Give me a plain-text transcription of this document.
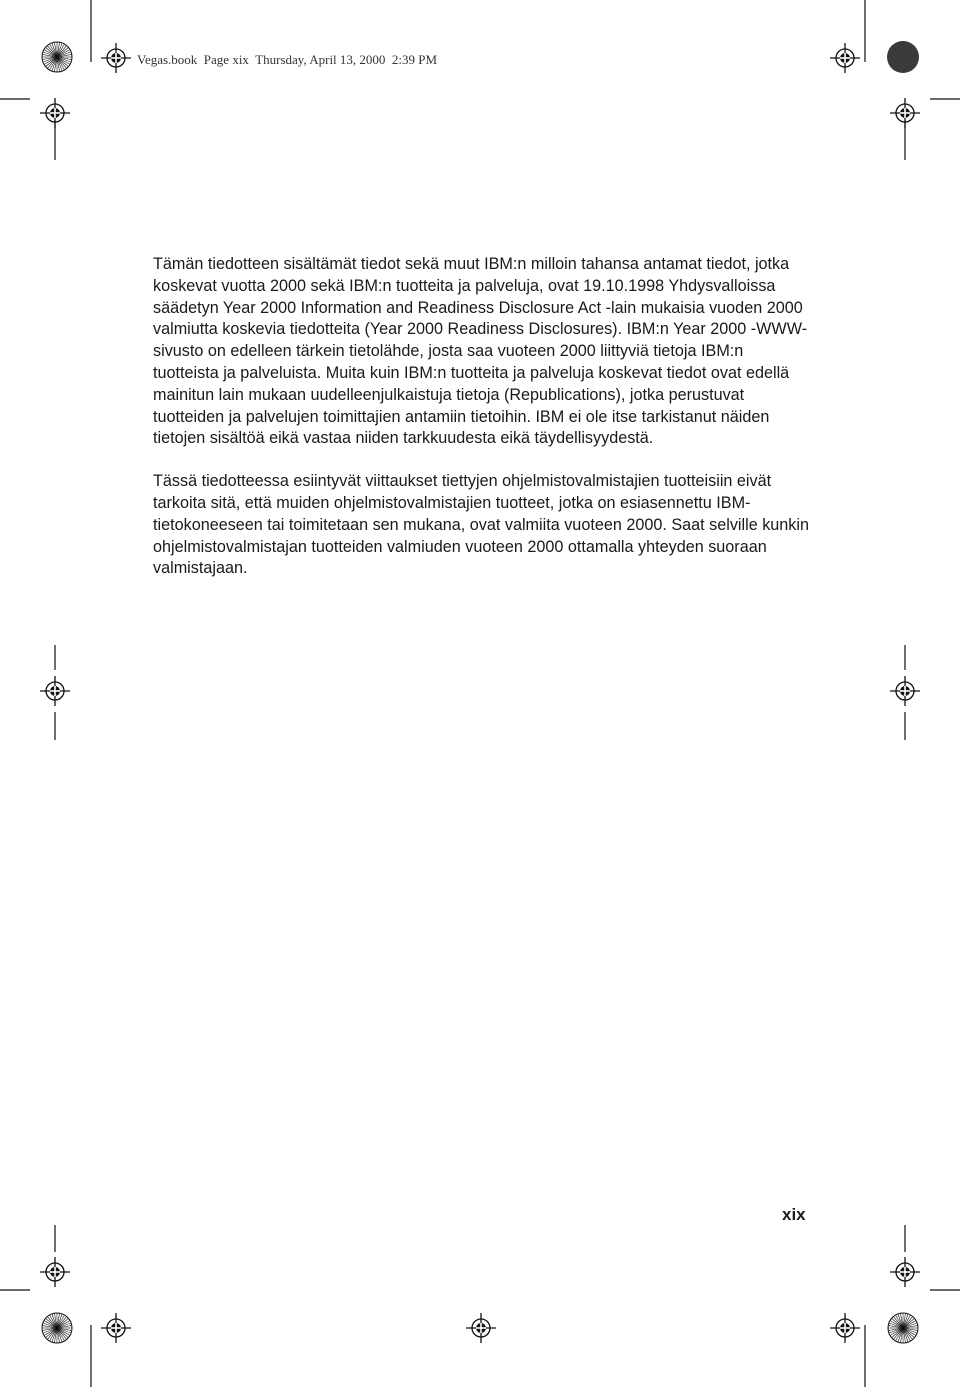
Vegas.book  Page xix  Thursday, April 13, 2000  2:39 PM

Tämän tiedotteen sisältämät tiedot sekä muut IBM:n milloin tahansa antamat tiedot, jotka koskevat vuotta 2000 sekä IBM:n tuotteita ja palveluja, ovat 19.10.1998 Yhdysvalloissa säädetyn Year 2000 Information and Readiness Disclosure Act -lain mukaisia vuoden 2000 valmiutta koskevia tiedotteita (Year 2000 Readiness Disclosures). IBM:n Year 2000 -WWW-sivusto on edelleen tärkein tietolähde, josta saa vuoteen 2000 liittyviä tietoja IBM:n tuotteista ja palveluista. Muita kuin IBM:n tuotteita ja palveluja koskevat tiedot ovat edellä mainitun lain mukaan uudelleenjulkaistuja tietoja (Republications), jotka perustuvat tuotteiden ja palvelujen toimittajien antamiin tietoihin. IBM ei ole itse tarkistanut näiden tietojen sisältöä eikä vastaa niiden tarkkuudesta eikä täydellisyydestä.

Tässä tiedotteessa esiintyvät viittaukset tiettyjen ohjelmistovalmistajien tuotteisiin eivät tarkoita sitä, että muiden ohjelmistovalmistajien tuotteet, jotka on esiasennettu IBM-tietokoneeseen tai toimitetaan sen mukana, ovat valmiita vuoteen 2000. Saat selville kunkin ohjelmistovalmistajan tuotteiden valmiuden vuoteen 2000 ottamalla yhteyden suoraan valmistajaan.

xix
